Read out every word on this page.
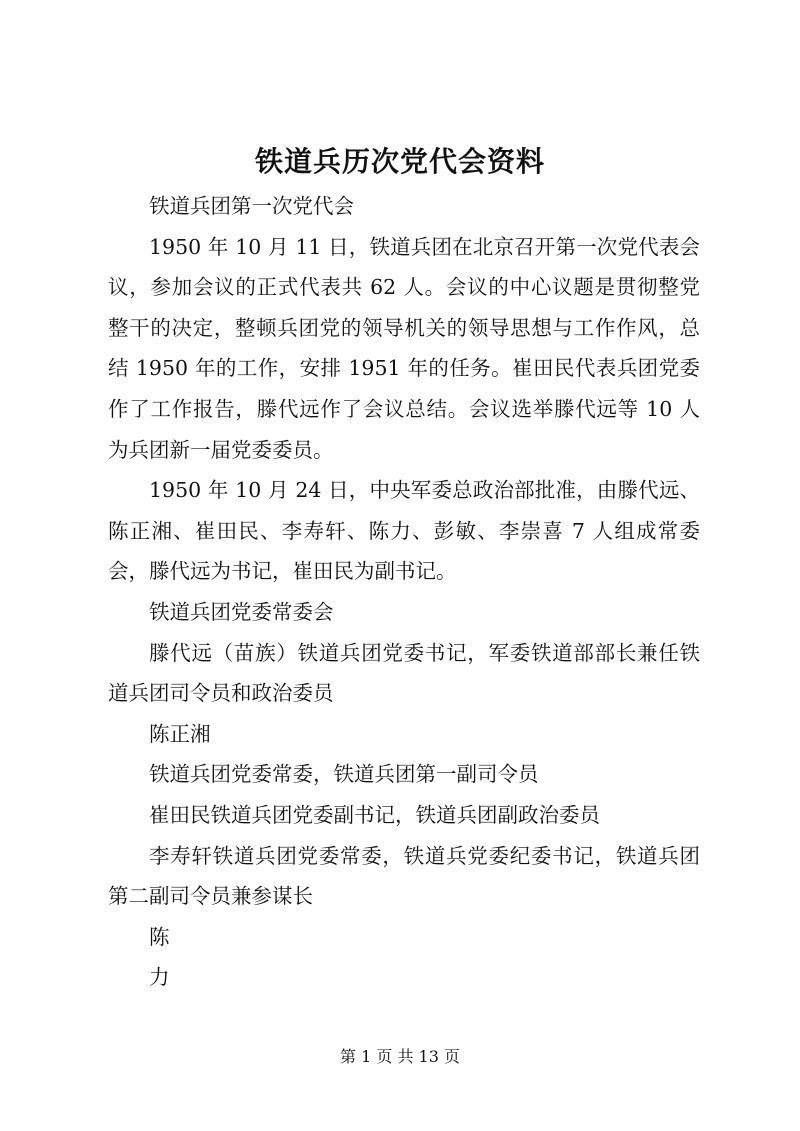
铁道兵历次党代会资料

铁道兵团第一次党代会

1950 年 10 月 11 日，铁道兵团在北京召开第一次党代表会议，参加会议的正式代表共 62 人。会议的中心议题是贯彻整党整干的决定，整顿兵团党的领导机关的领导思想与工作作风，总结 1950 年的工作，安排 1951 年的任务。崔田民代表兵团党委作了工作报告，滕代远作了会议总结。会议选举滕代远等 10 人为兵团新一届党委委员。

1950 年 10 月 24 日，中央军委总政治部批准，由滕代远、陈正湘、崔田民、李寿轩、陈力、彭敏、李崇喜 7 人组成常委会，滕代远为书记，崔田民为副书记。

铁道兵团党委常委会

滕代远（苗族）铁道兵团党委书记，军委铁道部部长兼任铁道兵团司令员和政治委员

陈正湘

铁道兵团党委常委，铁道兵团第一副司令员

崔田民铁道兵团党委副书记，铁道兵团副政治委员

李寿轩铁道兵团党委常委，铁道兵党委纪委书记，铁道兵团第二副司令员兼参谋长

陈

力

第 1 页 共 13 页
